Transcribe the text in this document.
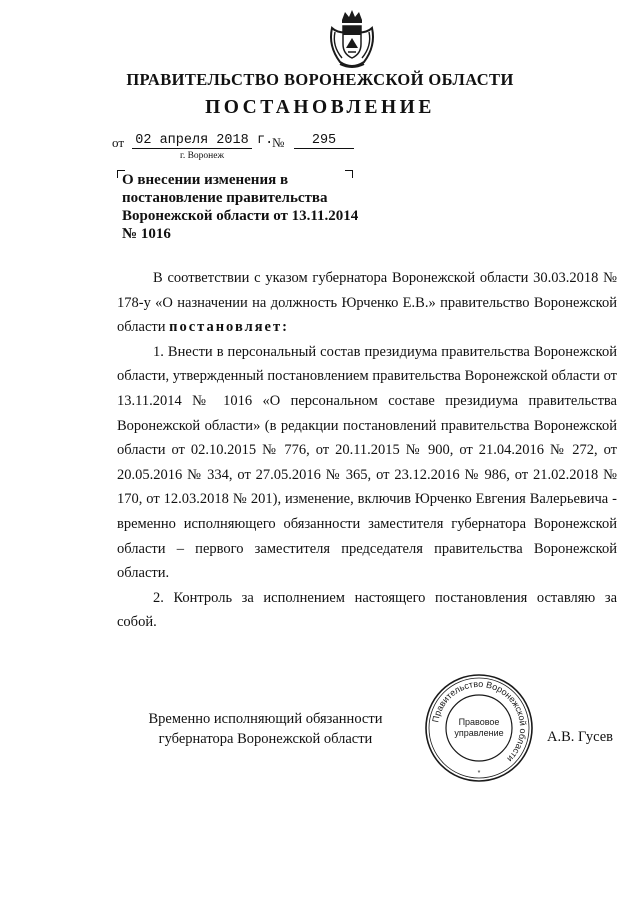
ПРАВИТЕЛЬСТВО ВОРОНЕЖСКОЙ ОБЛАСТИ
ПОСТАНОВЛЕНИЕ
от 02 апреля 2018 г.
№	295
г. Воронеж
О внесении изменения в постановление правительства Воронежской области от 13.11.2014 № 1016

В соответствии с указом губернатора Воронежской области 30.03.2018 № 178-у «О назначении на должность Юрченко Е.В.» правительство Воронежской области постановляет:

1. Внести в персональный состав президиума правительства Воронежской области, утвержденный постановлением правительства Воронежской области от 13.11.2014 № 1016 «О персональном составе президиума правительства Воронежской области» (в редакции постановлений правительства Воронежской области от 02.10.2015 № 776, от 20.11.2015 № 900, от 21.04.2016 № 272, от 20.05.2016 № 334, от 27.05.2016 № 365, от 23.12.2016 № 986, от 21.02.2018 № 170, от 12.03.2018 № 201), изменение, включив Юрченко Евгения Валерьевича - временно исполняющего обязанности заместителя губернатора Воронежской области – первого заместителя председателя правительства Воронежской области.

2. Контроль за исполнением настоящего постановления оставляю за собой.

Временно исполняющий обязанности
губернатора Воронежской области	А.В. Гусев
Правительство Воронежской области
Правовое
управление
*
